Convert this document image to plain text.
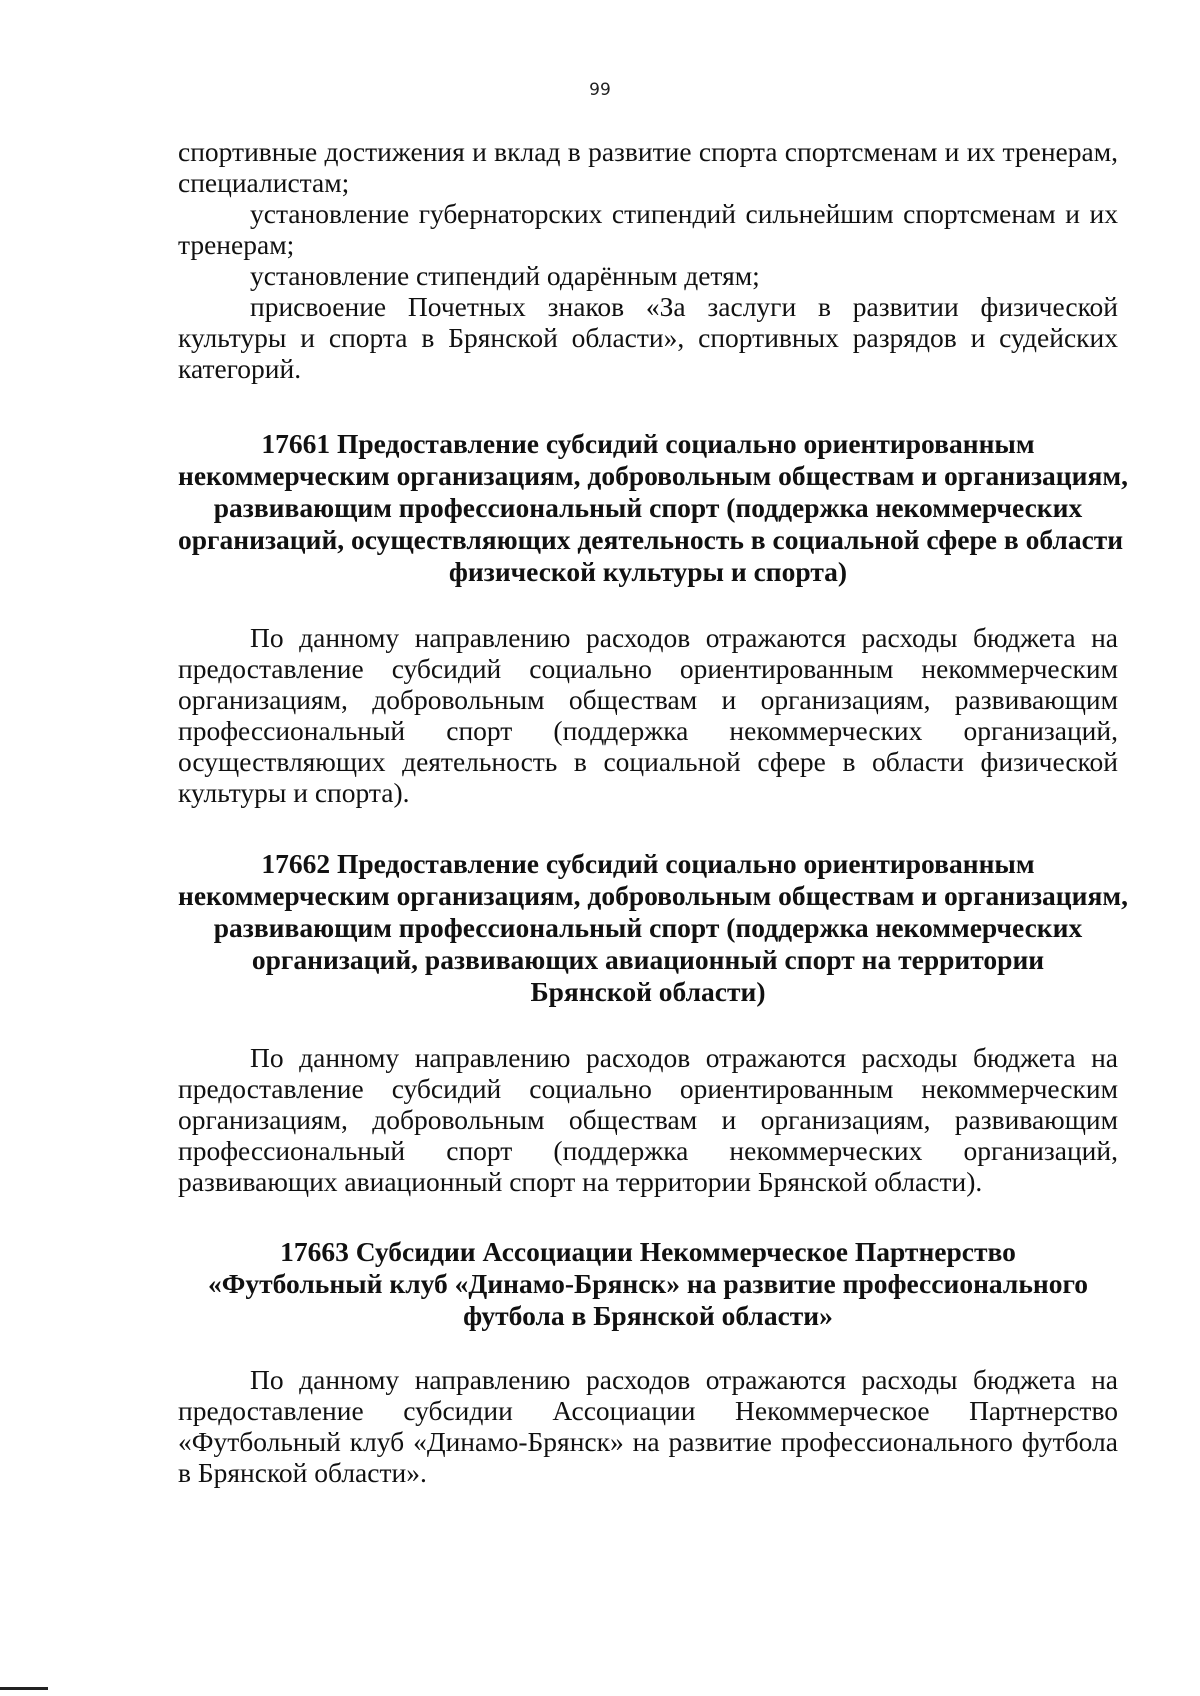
99

спортивные достижения и вклад в развитие спорта спортсменам и их тренерам, специалистам;

установление губернаторских стипендий сильнейшим спортсменам и их тренерам;

установление стипендий одарённым детям;

присвоение Почетных знаков «За заслуги в развитии физической культуры и спорта в Брянской области», спортивных разрядов и судейских категорий.

17661 Предоставление субсидий социально ориентированным
некоммерческим организациям, добровольным обществам и организациям,
развивающим профессиональный спорт (поддержка некоммерческих
организаций, осуществляющих деятельность в социальной сфере в области
физической культуры и спорта)

По данному направлению расходов отражаются расходы бюджета на предоставление субсидий социально ориентированным некоммерческим организациям, добровольным обществам и организациям, развивающим профессиональный спорт (поддержка некоммерческих организаций, осуществляющих деятельность в социальной сфере в области физической культуры и спорта).

17662 Предоставление субсидий социально ориентированным
некоммерческим организациям, добровольным обществам и организациям,
развивающим профессиональный спорт (поддержка некоммерческих
организаций, развивающих авиационный спорт на территории
Брянской области)

По данному направлению расходов отражаются расходы бюджета на предоставление субсидий социально ориентированным некоммерческим организациям, добровольным обществам и организациям, развивающим профессиональный спорт (поддержка некоммерческих организаций, развивающих авиационный спорт на территории Брянской области).

17663 Субсидии Ассоциации Некоммерческое Партнерство
«Футбольный клуб «Динамо-Брянск» на развитие профессионального
футбола в Брянской области»

По данному направлению расходов отражаются расходы бюджета на предоставление субсидии Ассоциации Некоммерческое Партнерство «Футбольный клуб «Динамо-Брянск» на развитие профессионального футбола в Брянской области».
